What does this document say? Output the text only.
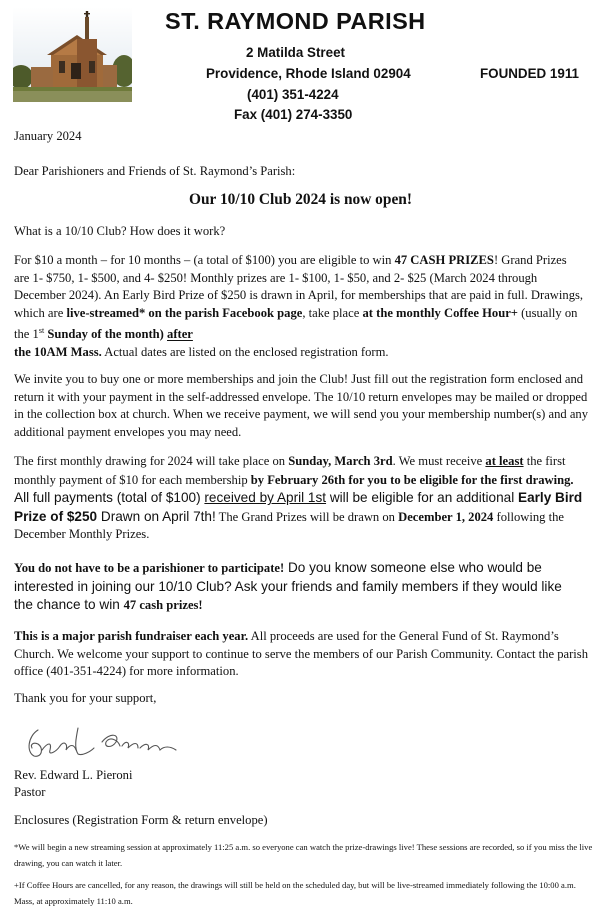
ST. RAYMOND PARISH
2 Matilda Street
Providence, Rhode Island 02904	FOUNDED 1911
(401) 351-4224
Fax (401) 274-3350
January 2024
Dear Parishioners and Friends of St. Raymond’s Parish:
Our 10/10 Club 2024 is now open!
What is a 10/10 Club? How does it work?

For $10 a month – for 10 months – (a total of $100) you are eligible to win 47 CASH PRIZES! Grand Prizes are 1- $750, 1- $500, and 4- $250! Monthly prizes are 1- $100, 1- $50, and 2- $25 (March 2024 through December 2024). An Early Bird Prize of $250 is drawn in April, for memberships that are paid in full. Drawings, which are live-streamed* on the parish Facebook page, take place at the monthly Coffee Hour+ (usually on the 1st Sunday of the month) after
the 10AM Mass. Actual dates are listed on the enclosed registration form.

We invite you to buy one or more memberships and join the Club! Just fill out the registration form enclosed and return it with your payment in the self-addressed envelope. The 10/10 return envelopes may be mailed or dropped in the collection box at church. When we receive payment, we will send you your membership number(s) and any additional payment envelopes you may need.

The first monthly drawing for 2024 will take place on Sunday, March 3rd. We must receive at least the first monthly payment of $10 for each membership by February 26th for you to be eligible for the first drawing. All full payments (total of $100) received by April 1st will be eligible for an additional Early Bird Prize of $250 Drawn on April 7th! The Grand Prizes will be drawn on December 1, 2024 following the December Monthly Prizes.

You do not have to be a parishioner to participate! Do you know someone else who would be interested in joining our 10/10 Club? Ask your friends and family members if they would like the chance to win 47 cash prizes!

This is a major parish fundraiser each year. All proceeds are used for the General Fund of St. Raymond’s Church. We welcome your support to continue to serve the members of our Parish Community. Contact the parish office (401-351-4224) for more information.

Thank you for your support,
Rev. Edward L. Pieroni
Pastor
Enclosures (Registration Form & return envelope)

*We will begin a new streaming session at approximately 11:25 a.m. so everyone can watch the prize-drawings live! These sessions are recorded, so if you miss the live drawing, you can watch it later.

+If Coffee Hours are cancelled, for any reason, the drawings will still be held on the scheduled day, but will be live-streamed immediately following the 10:00 a.m. Mass, at approximately 11:10 a.m.
